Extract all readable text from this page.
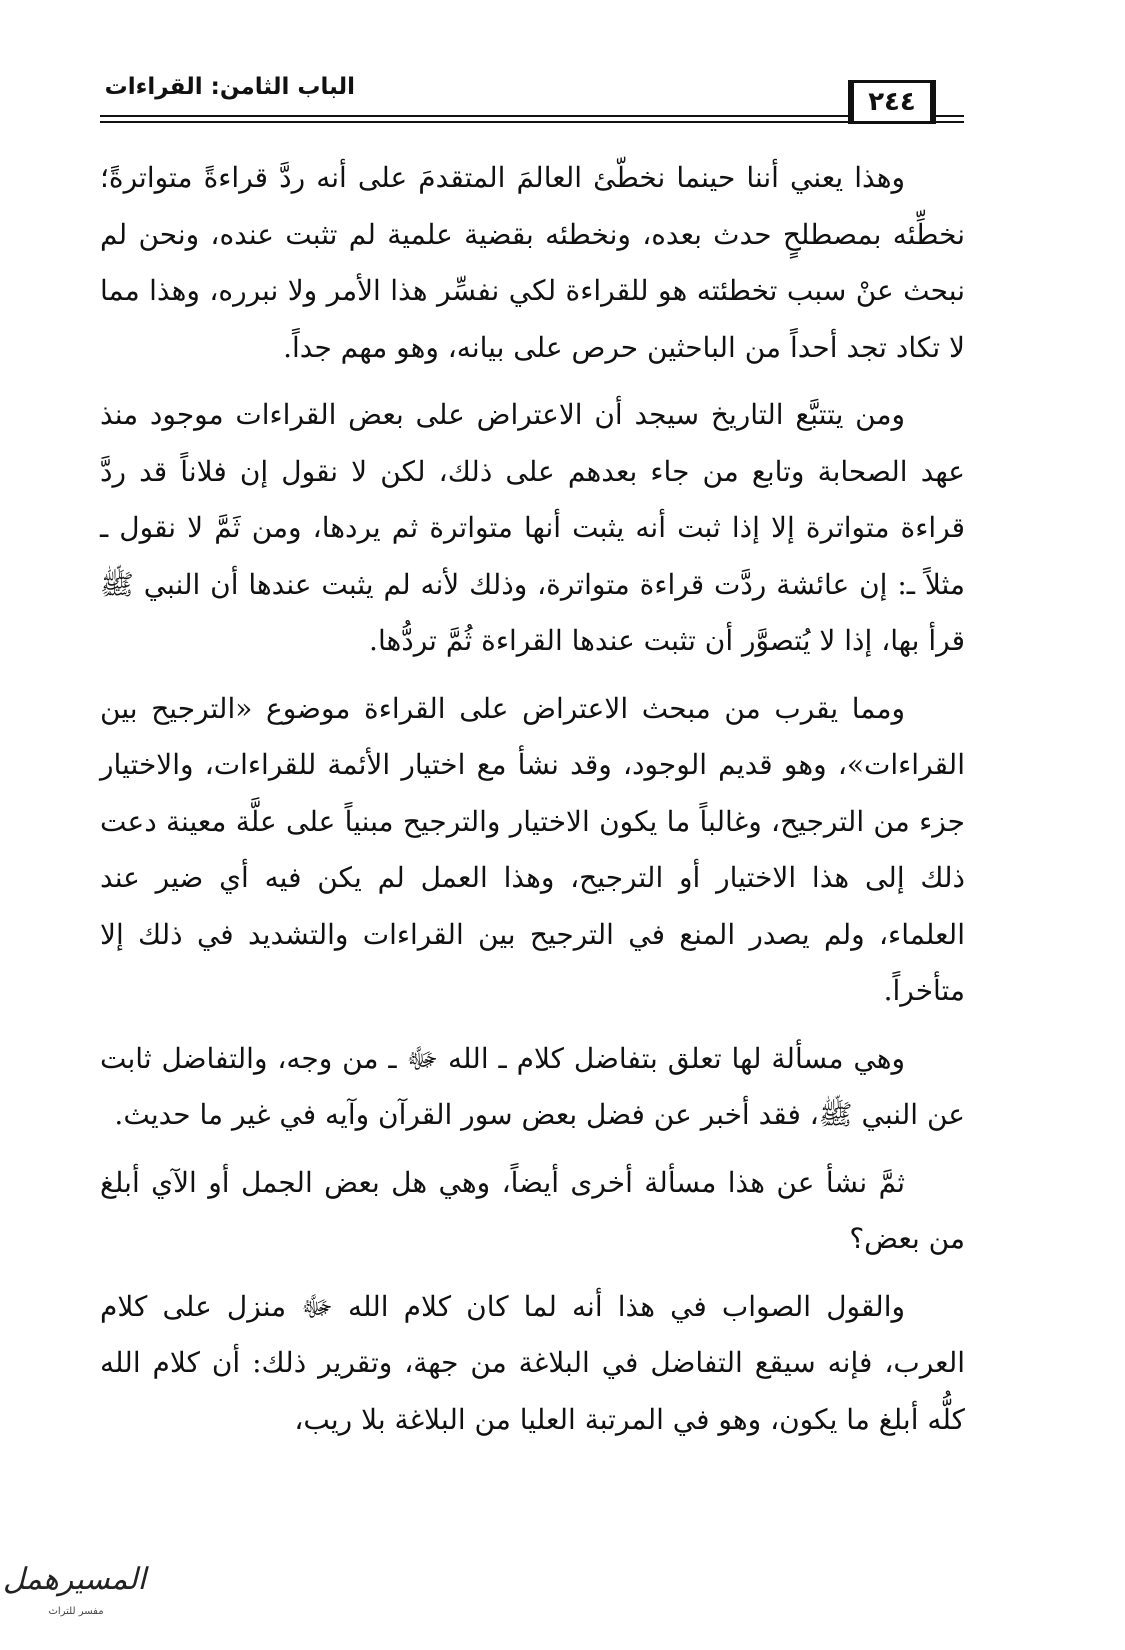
الباب الثامن: القراءات	٢٤٤

وهذا يعني أننا حينما نخطّئ العالمَ المتقدمَ على أنه ردَّ قراءةً متواترةً؛ نخطِّئه بمصطلحٍ حدث بعده، ونخطئه بقضية علمية لم تثبت عنده، ونحن لم نبحث عنْ سبب تخطئته هو للقراءة لكي نفسِّر هذا الأمر ولا نبرره، وهذا مما لا تكاد تجد أحداً من الباحثين حرص على بيانه، وهو مهم جداً.

ومن يتتبَّع التاريخ سيجد أن الاعتراض على بعض القراءات موجود منذ عهد الصحابة وتابع من جاء بعدهم على ذلك، لكن لا نقول إن فلاناً قد ردَّ قراءة متواترة إلا إذا ثبت أنه يثبت أنها متواترة ثم يردها، ومن ثَمَّ لا نقول ـ مثلاً ـ: إن عائشة ردَّت قراءة متواترة، وذلك لأنه لم يثبت عندها أن النبي ﷺ قرأ بها، إذا لا يُتصوَّر أن تثبت عندها القراءة ثُمَّ تردُّها.

ومما يقرب من مبحث الاعتراض على القراءة موضوع «الترجيح بين القراءات»، وهو قديم الوجود، وقد نشأ مع اختيار الأئمة للقراءات، والاختيار جزء من الترجيح، وغالباً ما يكون الاختيار والترجيح مبنياً على علَّة معينة دعت ذلك إلى هذا الاختيار أو الترجيح، وهذا العمل لم يكن فيه أي ضير عند العلماء، ولم يصدر المنع في الترجيح بين القراءات والتشديد في ذلك إلا متأخراً.

وهي مسألة لها تعلق بتفاضل كلام ـ الله ﷻ ـ من وجه، والتفاضل ثابت عن النبي ﷺ، فقد أخبر عن فضل بعض سور القرآن وآيه في غير ما حديث.

ثمَّ نشأ عن هذا مسألة أخرى أيضاً، وهي هل بعض الجمل أو الآي أبلغ من بعض؟

والقول الصواب في هذا أنه لما كان كلام الله ﷻ منزل على كلام العرب، فإنه سيقع التفاضل في البلاغة من جهة، وتقرير ذلك: أن كلام الله كلُّه أبلغ ما يكون، وهو في المرتبة العليا من البلاغة بلا ريب،

المسيرهمل
مفسر للتراث
